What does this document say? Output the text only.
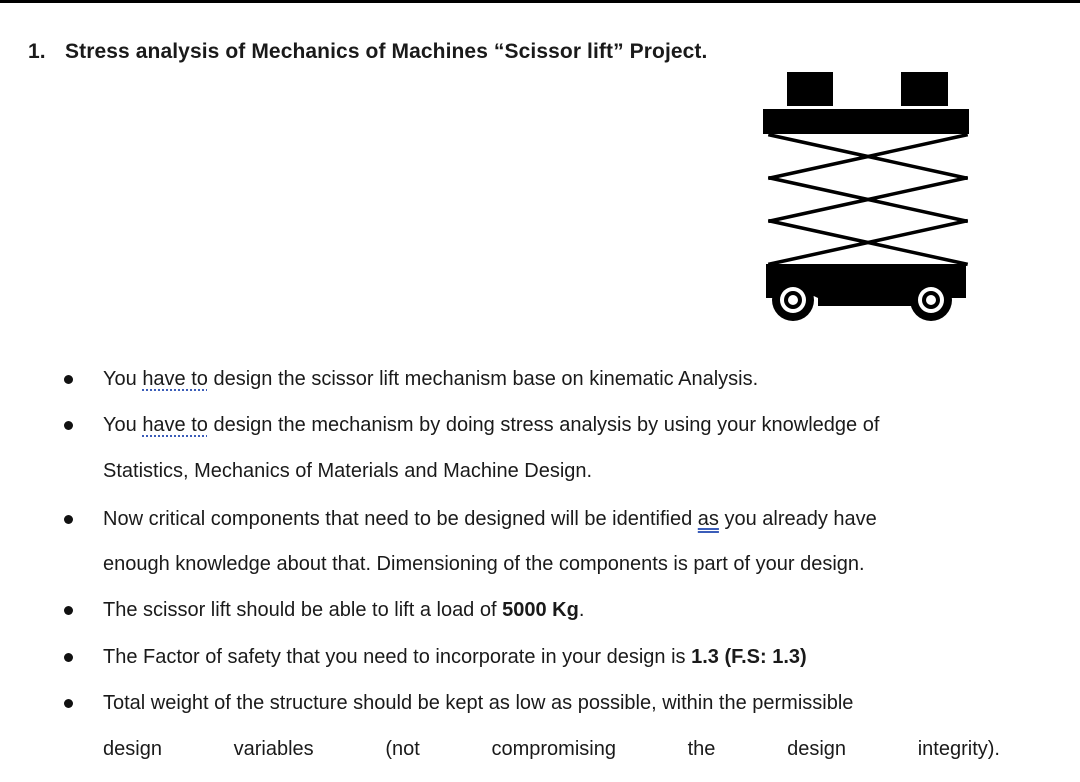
1. Stress analysis of Mechanics of Machines “Scissor lift” Project.
You have to design the scissor lift mechanism base on kinematic Analysis.
You have to design the mechanism by doing stress analysis by using your knowledge of
Statistics, Mechanics of Materials and Machine Design.
Now critical components that need to be designed will be identified as you already have
enough knowledge about that. Dimensioning of the components is part of your design.
The scissor lift should be able to lift a load of 5000 Kg.
The Factor of safety that you need to incorporate in your design is 1.3 (F.S: 1.3)
Total weight of the structure should be kept as low as possible, within the permissible
design	variables	(not	compromising	the	design	integrity).
